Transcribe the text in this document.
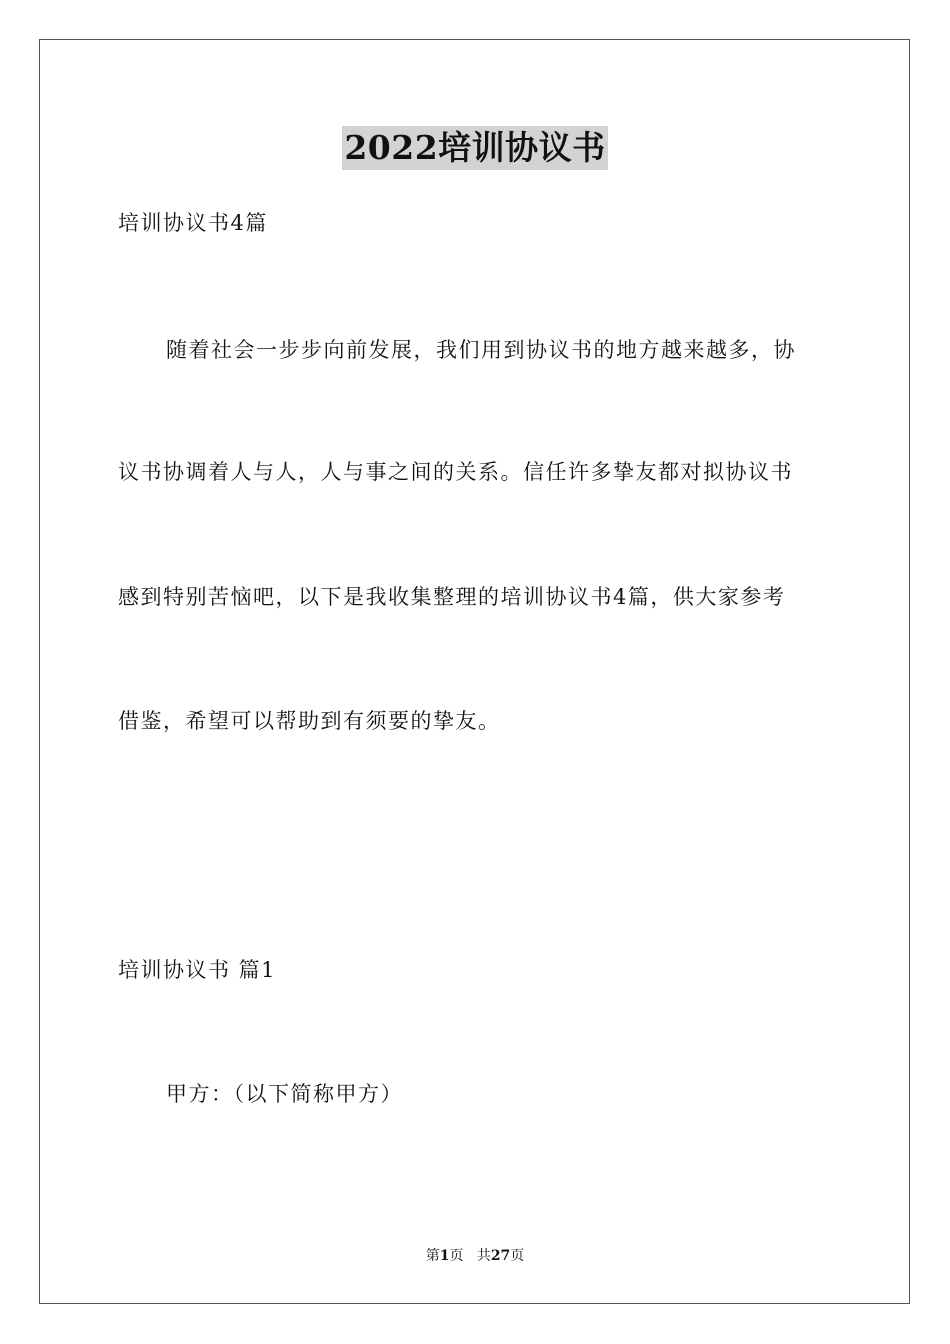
2022培训协议书
培训协议书4篇
随着社会一步步向前发展，我们用到协议书的地方越来越多，协
议书协调着人与人，人与事之间的关系。信任许多挚友都对拟协议书
感到特别苦恼吧，以下是我收集整理的培训协议书4篇，供大家参考
借鉴，希望可以帮助到有须要的挚友。
培训协议书 篇1
甲方：（以下简称甲方）
第1页 共27页
